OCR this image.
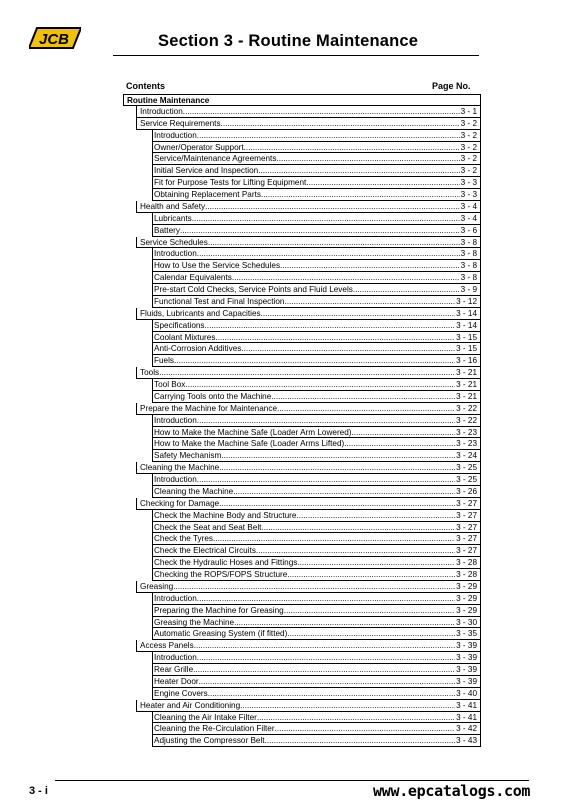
JCB	Section 3 - Routine Maintenance
Contents	Page No.
Routine Maintenance
Introduction .....	3 - 1
Service Requirements .....	3 - 2
Introduction .....	3 - 2
Owner/Operator Support .....	3 - 2
Service/Maintenance Agreements .....	3 - 2
Initial Service and Inspection .....	3 - 2
Fit for Purpose Tests for Lifting Equipment .....	3 - 3
Obtaining Replacement Parts .....	3 - 3
Health and Safety .....	3 - 4
Lubricants .....	3 - 4
Battery .....	3 - 6
Service Schedules .....	3 - 8
Introduction .....	3 - 8
How to Use the Service Schedules .....	3 - 8
Calendar Equivalents .....	3 - 8
Pre-start Cold Checks, Service Points and Fluid Levels .....	3 - 9
Functional Test and Final Inspection .....	3 - 12
Fluids, Lubricants and Capacities .....	3 - 14
Specifications .....	3 - 14
Coolant Mixtures .....	3 - 15
Anti-Corrosion Additives .....	3 - 15
Fuels .....	3 - 16
Tools .....	3 - 21
Tool Box .....	3 - 21
Carrying Tools onto the Machine .....	3 - 21
Prepare the Machine for Maintenance .....	3 - 22
Introduction .....	3 - 22
How to Make the Machine Safe (Loader Arm Lowered) .....	3 - 23
How to Make the Machine Safe (Loader Arms Lifted) .....	3 - 23
Safety Mechanism .....	3 - 24
Cleaning the Machine .....	3 - 25
Introduction .....	3 - 25
Cleaning the Machine .....	3 - 26
Checking for Damage .....	3 - 27
Check the Machine Body and Structure .....	3 - 27
Check the Seat and Seat Belt .....	3 - 27
Check the Tyres .....	3 - 27
Check the Electrical Circuits .....	3 - 27
Check the Hydraulic Hoses and Fittings .....	3 - 28
Checking the ROPS/FOPS Structure .....	3 - 28
Greasing .....	3 - 29
Introduction .....	3 - 29
Preparing the Machine for Greasing .....	3 - 29
Greasing the Machine .....	3 - 30
Automatic Greasing System (if fitted) .....	3 - 35
Access Panels .....	3 - 39
Introduction .....	3 - 39
Rear Grille .....	3 - 39
Heater Door .....	3 - 39
Engine Covers .....	3 - 40
Heater and Air Conditioning .....	3 - 41
Cleaning the Air Intake Filter .....	3 - 41
Cleaning the Re-Circulation Filter .....	3 - 42
Adjusting the Compressor Belt .....	3 - 43
3 - i	www.epcatalogs.com
